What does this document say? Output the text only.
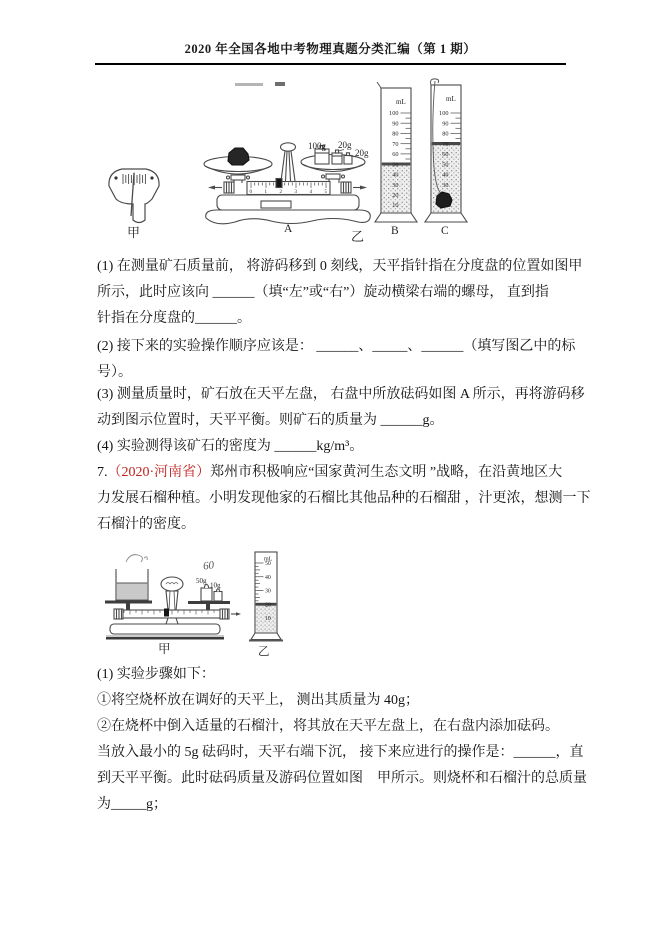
2020 年全国各地中考物理真题分类汇编（第 1 期）
甲
0	1	2	3	4	5
A	乙
100g 20g
20g
mL
100
90
80
70
60
50
40
30
20
10
B
mL
100
90
80
70
60
50
40
30
20
10
C
(1) 在测量矿石质量前， 将游码移到 0 刻线，天平指针指在分度盘的位置如图甲
所示，此时应该向 ______（填“左”或“右”）旋动横梁右端的螺母， 直到指
针指在分度盘的______。
(2) 接下来的实验操作顺序应该是： ______、_____、______（填写图乙中的标
号）。
(3) 测量质量时，矿石放在天平左盘， 右盘中所放砝码如图 A 所示，再将游码移
动到图示位置时，天平平衡。则矿石的质量为 ______g。
(4) 实验测得该矿石的密度为 ______kg/m³。
7.（2020·河南省）郑州市积极响应“国家黄河生态文明 ”战略，在沿黄地区大
力发展石榴种植。小明发现他家的石榴比其他品种的石榴甜 ，汁更浓，想测一下
石榴汁的密度。
60
50g
10g
甲
mL
50
40
30
20
10
乙
(1) 实验步骤如下：
①将空烧杯放在调好的天平上， 测出其质量为 40g；
②在烧杯中倒入适量的石榴汁，将其放在天平左盘上，在右盘内添加砝码。
当放入最小的 5g 砝码时，天平右端下沉， 接下来应进行的操作是：______，直
到天平平衡。此时砝码质量及游码位置如图　甲所示。则烧杯和石榴汁的总质量
为_____g；
